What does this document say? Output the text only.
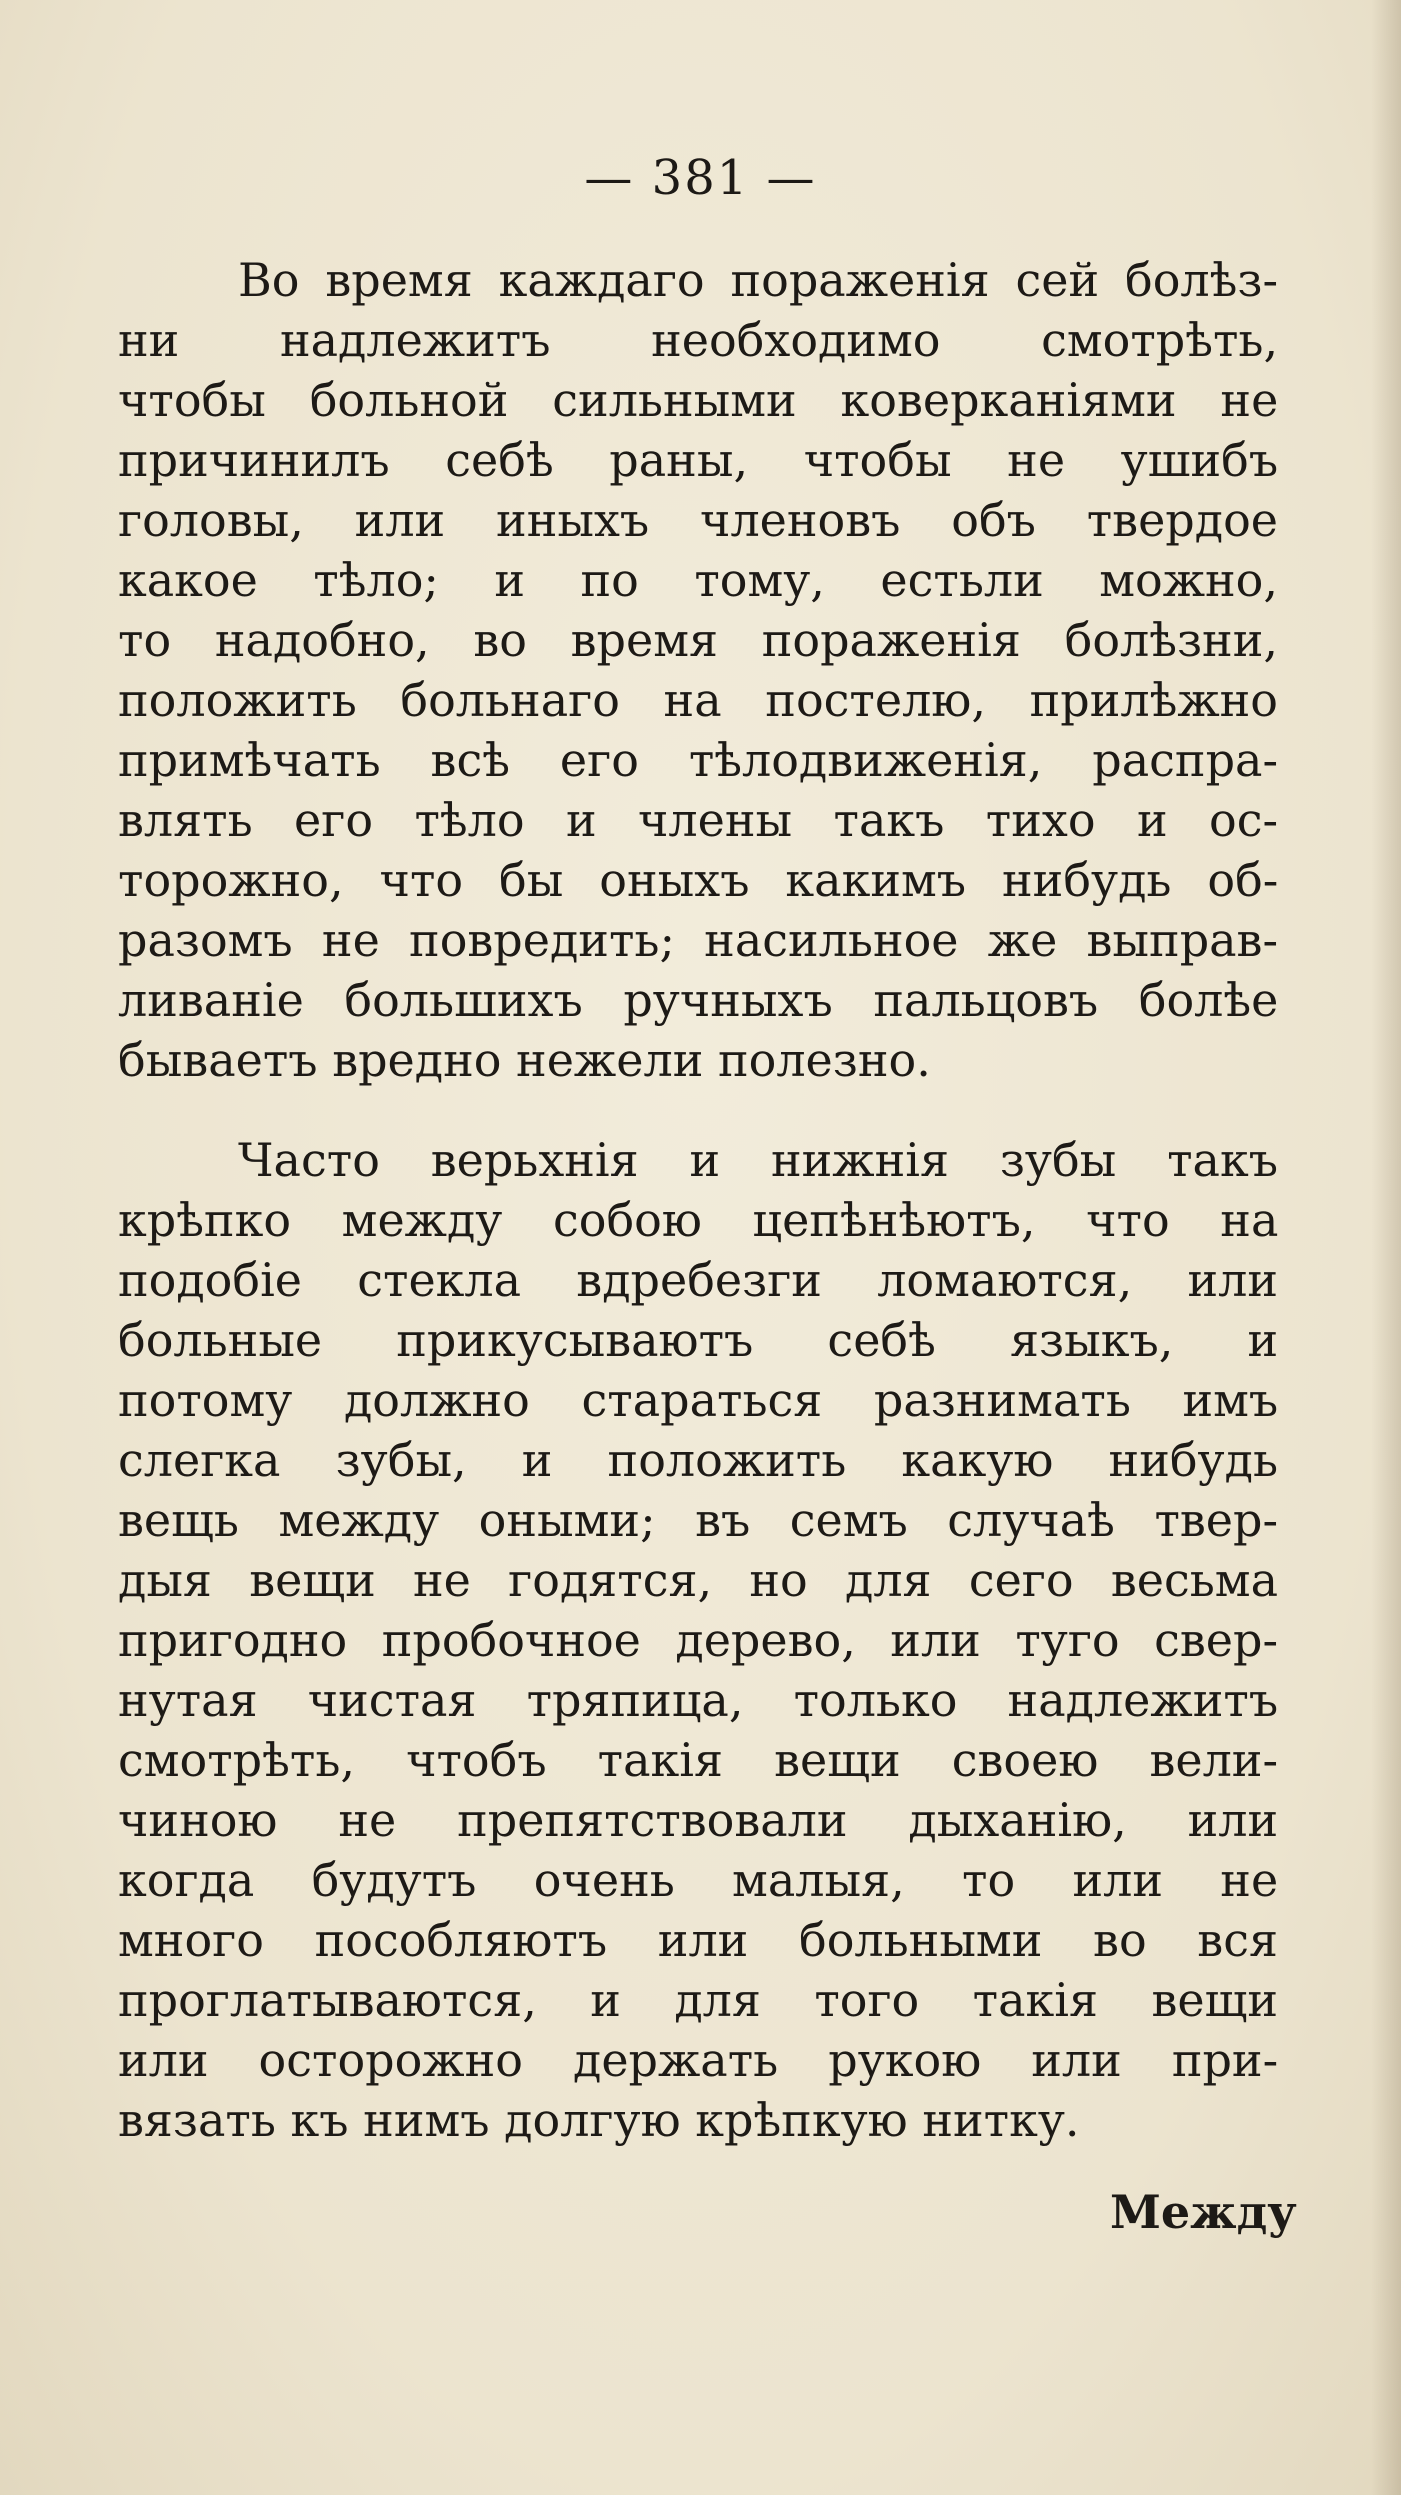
— 381 —
Во время каждаго пораженія сей болѣз-
ни надлежитъ необходимо смотрѣть,
чтобы больной сильными коверканіями не
причинилъ себѣ раны, чтобы не ушибъ
головы, или иныхъ членовъ объ твердое
какое тѣло; и по тому, естьли можно,
то надобно, во время пораженія болѣзни,
положить больнаго на постелю, прилѣжно
примѣчать всѣ его тѣлодвиженія, распра-
влять его тѣло и члены такъ тихо и ос-
торожно, что бы оныхъ какимъ нибудь об-
разомъ не повредить; насильное же выправ-
ливаніе большихъ ручныхъ пальцовъ болѣе
бываетъ вредно нежели полезно.
Часто верьхнія и нижнія зубы такъ
крѣпко между собою цепѣнѣютъ, что на
подобіе стекла вдребезги ломаются, или
больные прикусываютъ себѣ языкъ, и
потому должно стараться разнимать имъ
слегка зубы, и положить какую нибудь
вещь между оными; въ семъ случаѣ твер-
дыя вещи не годятся, но для сего весьма
пригодно пробочное дерево, или туго свер-
нутая чистая тряпица, только надлежитъ
смотрѣть, чтобъ такія вещи своею вели-
чиною не препятствовали дыханію, или
когда будутъ очень малыя, то или не
много пособляютъ или больными во вся
проглатываются, и для того такія вещи
или осторожно держать рукою или при-
вязать къ нимъ долгую крѣпкую нитку.
Между
